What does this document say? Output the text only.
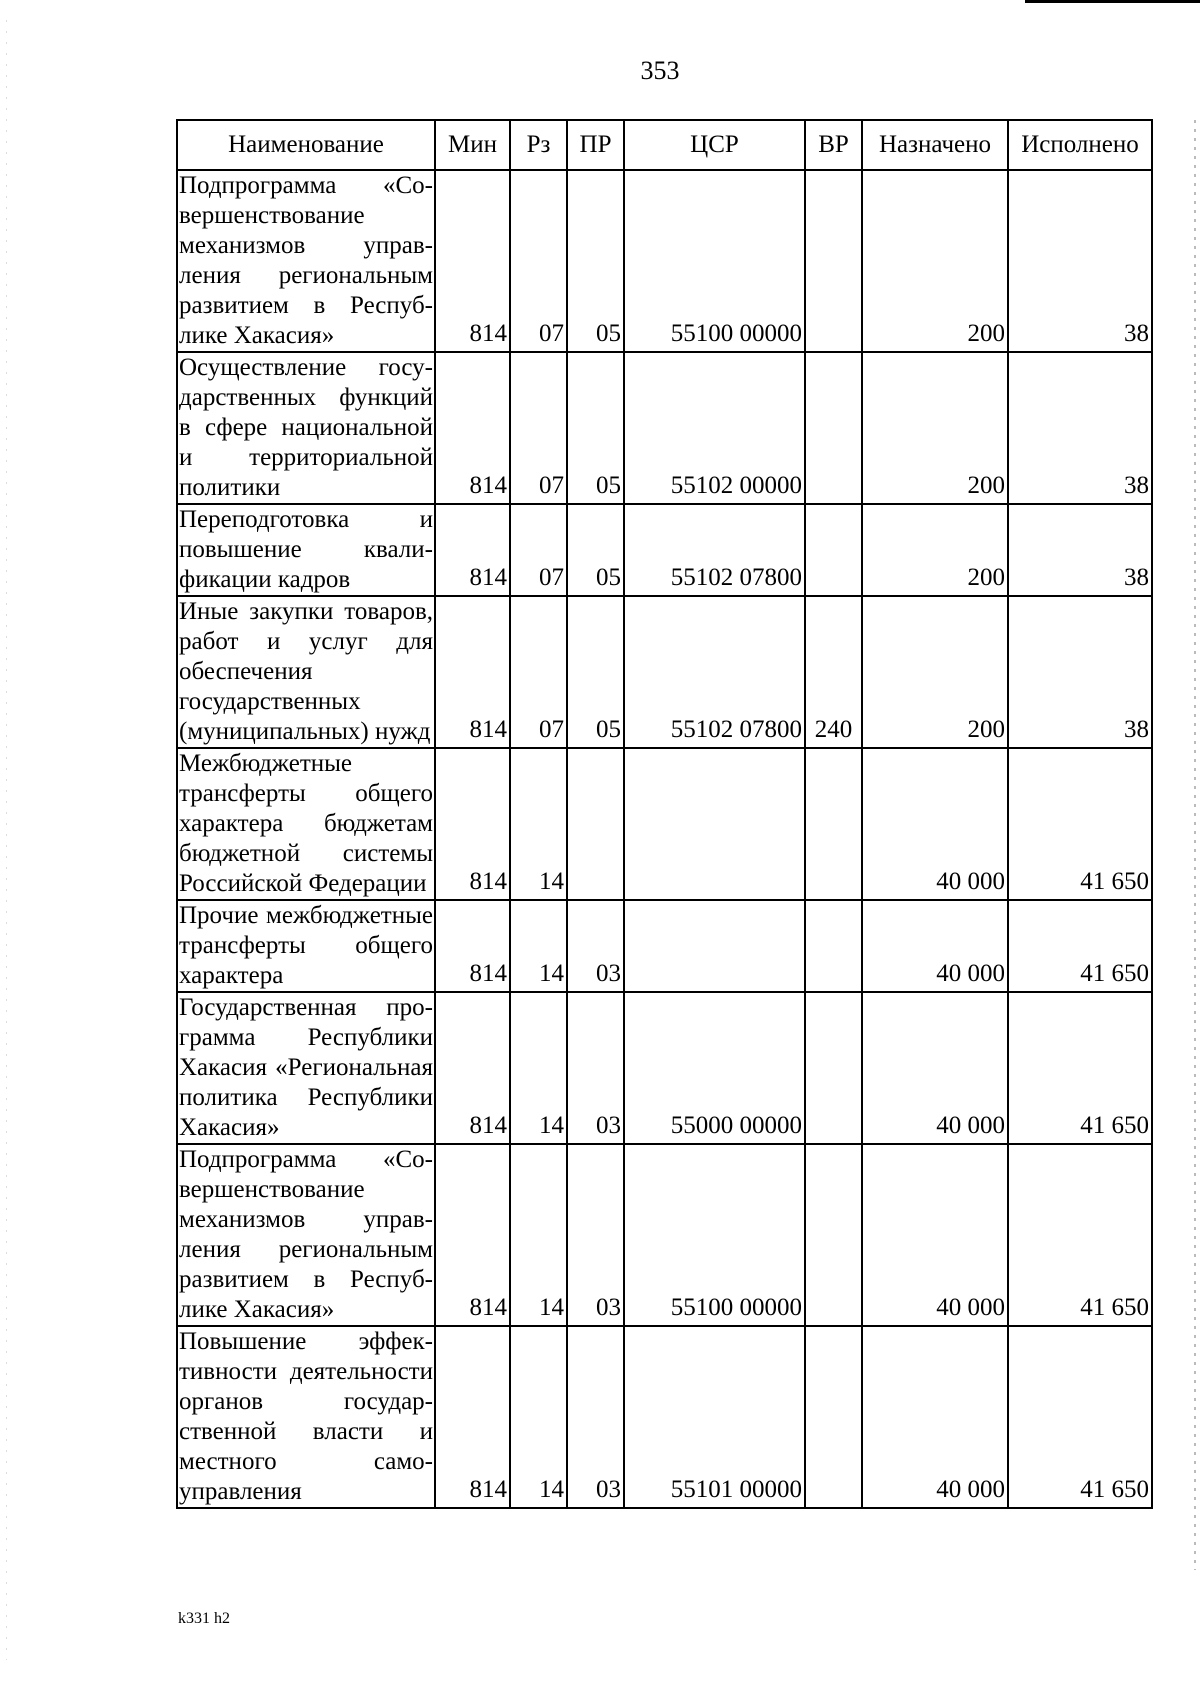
353
Наименование	Мин	Рз	ПР	ЦСР	ВР	Назначено	Исполнено
Подпрограмма «Совершенствование механизмов управления региональным развитием в Республике Хакасия»	814	07	05	55100 00000		200	38
Осуществление государственных функций в сфере национальной и территориальной политики	814	07	05	55102 00000		200	38
Переподготовка и повышение квалификации кадров	814	07	05	55102 07800		200	38
Иные закупки товаров, работ и услуг для обеспечения государственных (муниципальных) нужд	814	07	05	55102 07800	240	200	38
Межбюджетные трансферты общего характера бюджетам бюджетной системы Российской Федерации	814	14				40 000	41 650
Прочие межбюджетные трансферты общего характера	814	14	03			40 000	41 650
Государственная программа Республики Хакасия «Региональная политика Республики Хакасия»	814	14	03	55000 00000		40 000	41 650
Подпрограмма «Совершенствование механизмов управления региональным развитием в Республике Хакасия»	814	14	03	55100 00000		40 000	41 650
Повышение эффективности деятельности органов государственной власти и местного самоуправления	814	14	03	55101 00000		40 000	41 650
k331 h2
